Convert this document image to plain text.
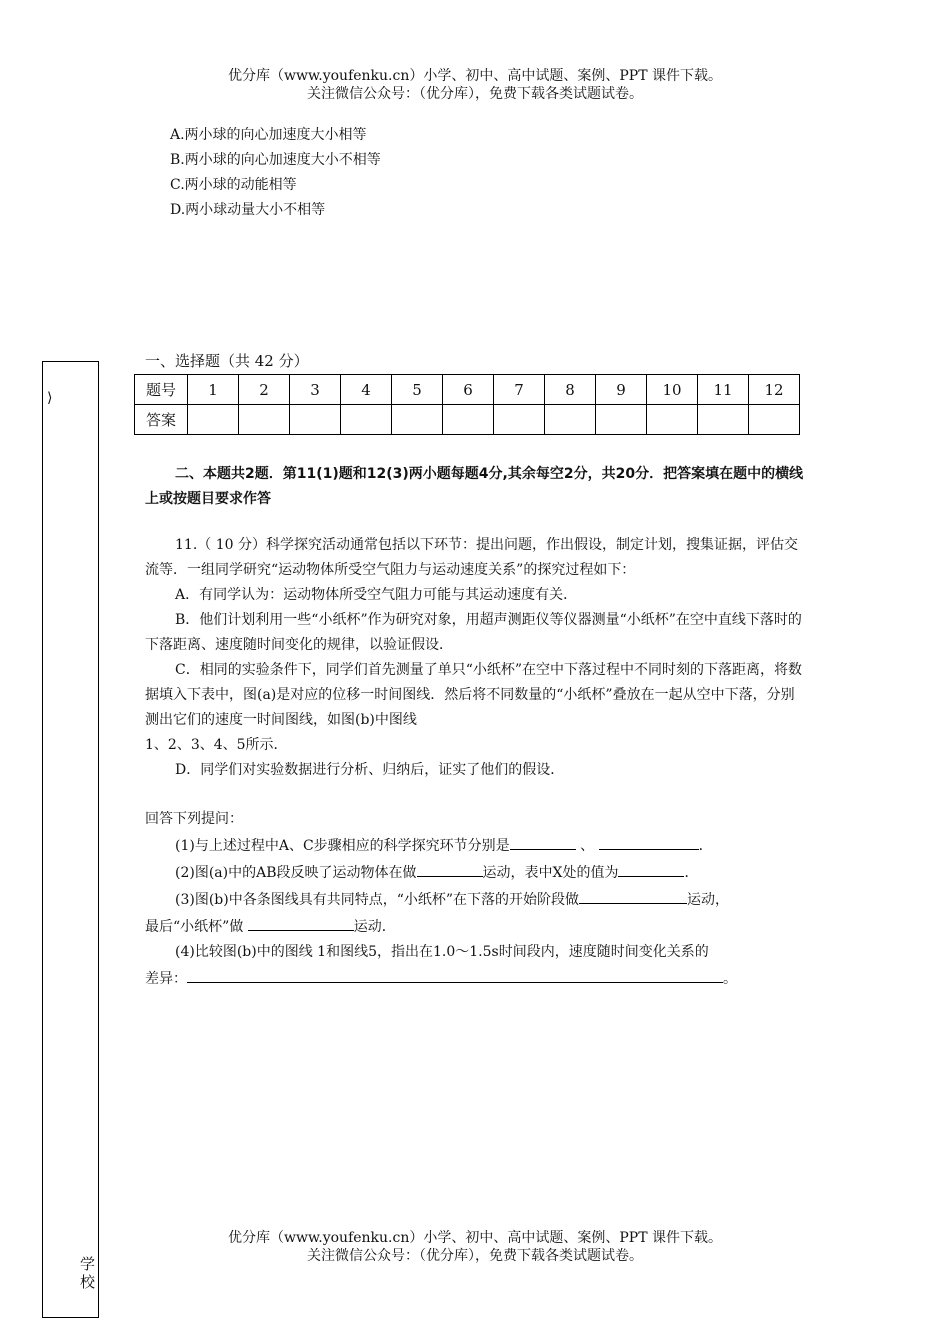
优分库（www.youfenku.cn）小学、初中、高中试题、案例、PPT 课件下载。
关注微信公众号：（优分库），免费下载各类试题试卷。
A.两小球的向心加速度大小相等
B.两小球的向心加速度大小不相等
C.两小球的动能相等
D.两小球动量大小不相等
⟩
学校
一、选择题（共 42 分）
题号	1	2	3	4	5	6	7	8	9	10	11	12
答案												
二、本题共2题．第11(1)题和12(3)两小题每题4分,其余每空2分，共20分．把答案填在题中的横线上或按题目要求作答

11.（ 10 分）科学探究活动通常包括以下环节：提出问题，作出假设，制定计划，搜集证据，评估交流等．一组同学研究“运动物体所受空气阻力与运动速度关系”的探究过程如下：

A．有同学认为：运动物体所受空气阻力可能与其运动速度有关．

B．他们计划利用一些“小纸杯”作为研究对象，用超声测距仪等仪器测量“小纸杯”在空中直线下落时的下落距离、速度随时间变化的规律，以验证假设．

C．相同的实验条件下，同学们首先测量了单只“小纸杯”在空中下落过程中不同时刻的下落距离，将数据填入下表中，图(a)是对应的位移一时间图线．然后将不同数量的“小纸杯”叠放在一起从空中下落，分别测出它们的速度一时间图线，如图(b)中图线

1、2、3、4、5所示．

D．同学们对实验数据进行分析、归纳后，证实了他们的假设．

回答下列提问：

(1)与上述过程中A、C步骤相应的科学探究环节分别是	、	．

(2)图(a)中的AB段反映了运动物体在做	运动，表中X处的值为	．

(3)图(b)中各条图线具有共同特点，“小纸杯”在下落的开始阶段做	运动，

最后“小纸杯”做	运动．

(4)比较图(b)中的图线 1和图线5，指出在1.0～1.5s时间段内，速度随时间变化关系的

差异：	。

优分库（www.youfenku.cn）小学、初中、高中试题、案例、PPT 课件下载。
关注微信公众号：（优分库），免费下载各类试题试卷。
